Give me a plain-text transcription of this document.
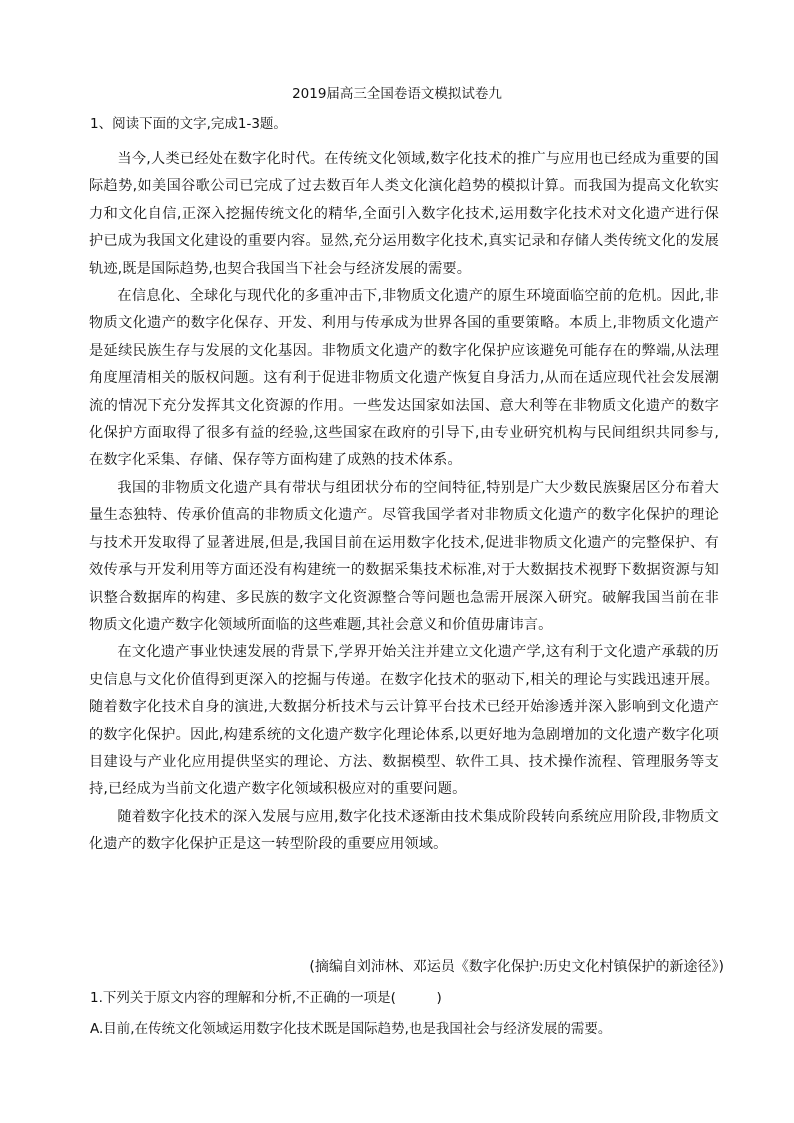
2019届高三全国卷语文模拟试卷九

1、阅读下面的文字,完成1-3题。

当今,人类已经处在数字化时代。在传统文化领域,数字化技术的推广与应用也已经成为重要的国际趋势,如美国谷歌公司已完成了过去数百年人类文化演化趋势的模拟计算。而我国为提高文化软实力和文化自信,正深入挖掘传统文化的精华,全面引入数字化技术,运用数字化技术对文化遗产进行保护已成为我国文化建设的重要内容。显然,充分运用数字化技术,真实记录和存储人类传统文化的发展轨迹,既是国际趋势,也契合我国当下社会与经济发展的需要。

在信息化、全球化与现代化的多重冲击下,非物质文化遗产的原生环境面临空前的危机。因此,非物质文化遗产的数字化保存、开发、利用与传承成为世界各国的重要策略。本质上,非物质文化遗产是延续民族生存与发展的文化基因。非物质文化遗产的数字化保护应该避免可能存在的弊端,从法理角度厘清相关的版权问题。这有利于促进非物质文化遗产恢复自身活力,从而在适应现代社会发展潮流的情况下充分发挥其文化资源的作用。一些发达国家如法国、意大利等在非物质文化遗产的数字化保护方面取得了很多有益的经验,这些国家在政府的引导下,由专业研究机构与民间组织共同参与,在数字化采集、存储、保存等方面构建了成熟的技术体系。

我国的非物质文化遗产具有带状与组团状分布的空间特征,特别是广大少数民族聚居区分布着大量生态独特、传承价值高的非物质文化遗产。尽管我国学者对非物质文化遗产的数字化保护的理论与技术开发取得了显著进展,但是,我国目前在运用数字化技术,促进非物质文化遗产的完整保护、有效传承与开发利用等方面还没有构建统一的数据采集技术标准,对于大数据技术视野下数据资源与知识整合数据库的构建、多民族的数字文化资源整合等问题也急需开展深入研究。破解我国当前在非物质文化遗产数字化领域所面临的这些难题,其社会意义和价值毋庸讳言。

在文化遗产事业快速发展的背景下,学界开始关注并建立文化遗产学,这有利于文化遗产承载的历史信息与文化价值得到更深入的挖掘与传递。在数字化技术的驱动下,相关的理论与实践迅速开展。随着数字化技术自身的演进,大数据分析技术与云计算平台技术已经开始渗透并深入影响到文化遗产的数字化保护。因此,构建系统的文化遗产数字化理论体系,以更好地为急剧增加的文化遗产数字化项目建设与产业化应用提供坚实的理论、方法、数据模型、软件工具、技术操作流程、管理服务等支持,已经成为当前文化遗产数字化领域积极应对的重要问题。

随着数字化技术的深入发展与应用,数字化技术逐渐由技术集成阶段转向系统应用阶段,非物质文化遗产的数字化保护正是这一转型阶段的重要应用领域。

(摘编自刘沛林、邓运员《数字化保护:历史文化村镇保护的新途径》)

1.下列关于原文内容的理解和分析,不正确的一项是(　　　)

A.目前,在传统文化领域运用数字化技术既是国际趋势,也是我国社会与经济发展的需要。
